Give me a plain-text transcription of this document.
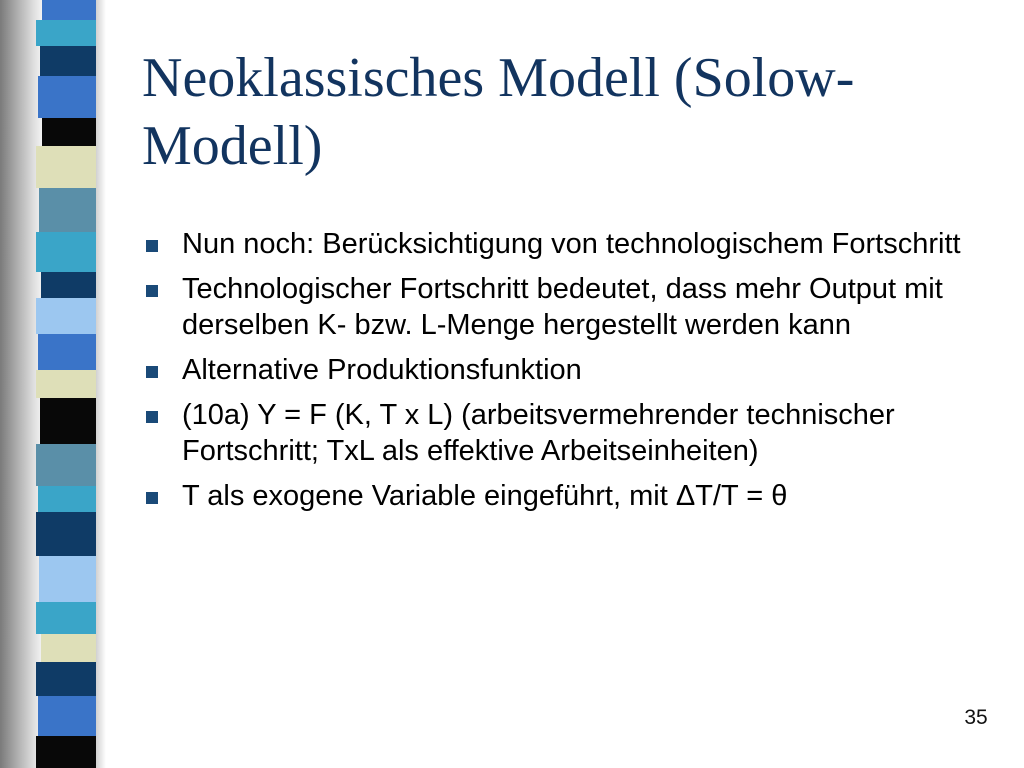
Neoklassisches Modell (Solow-Modell)
Nun noch: Berücksichtigung von technologischem Fortschritt
Technologischer Fortschritt bedeutet, dass mehr Output mit derselben K- bzw. L-Menge hergestellt werden kann
Alternative Produktionsfunktion
(10a) Y = F (K, T x L) (arbeitsvermehrender technischer Fortschritt; TxL als effektive Arbeitseinheiten)
T als exogene Variable eingeführt, mit ΔT/T = θ
35
